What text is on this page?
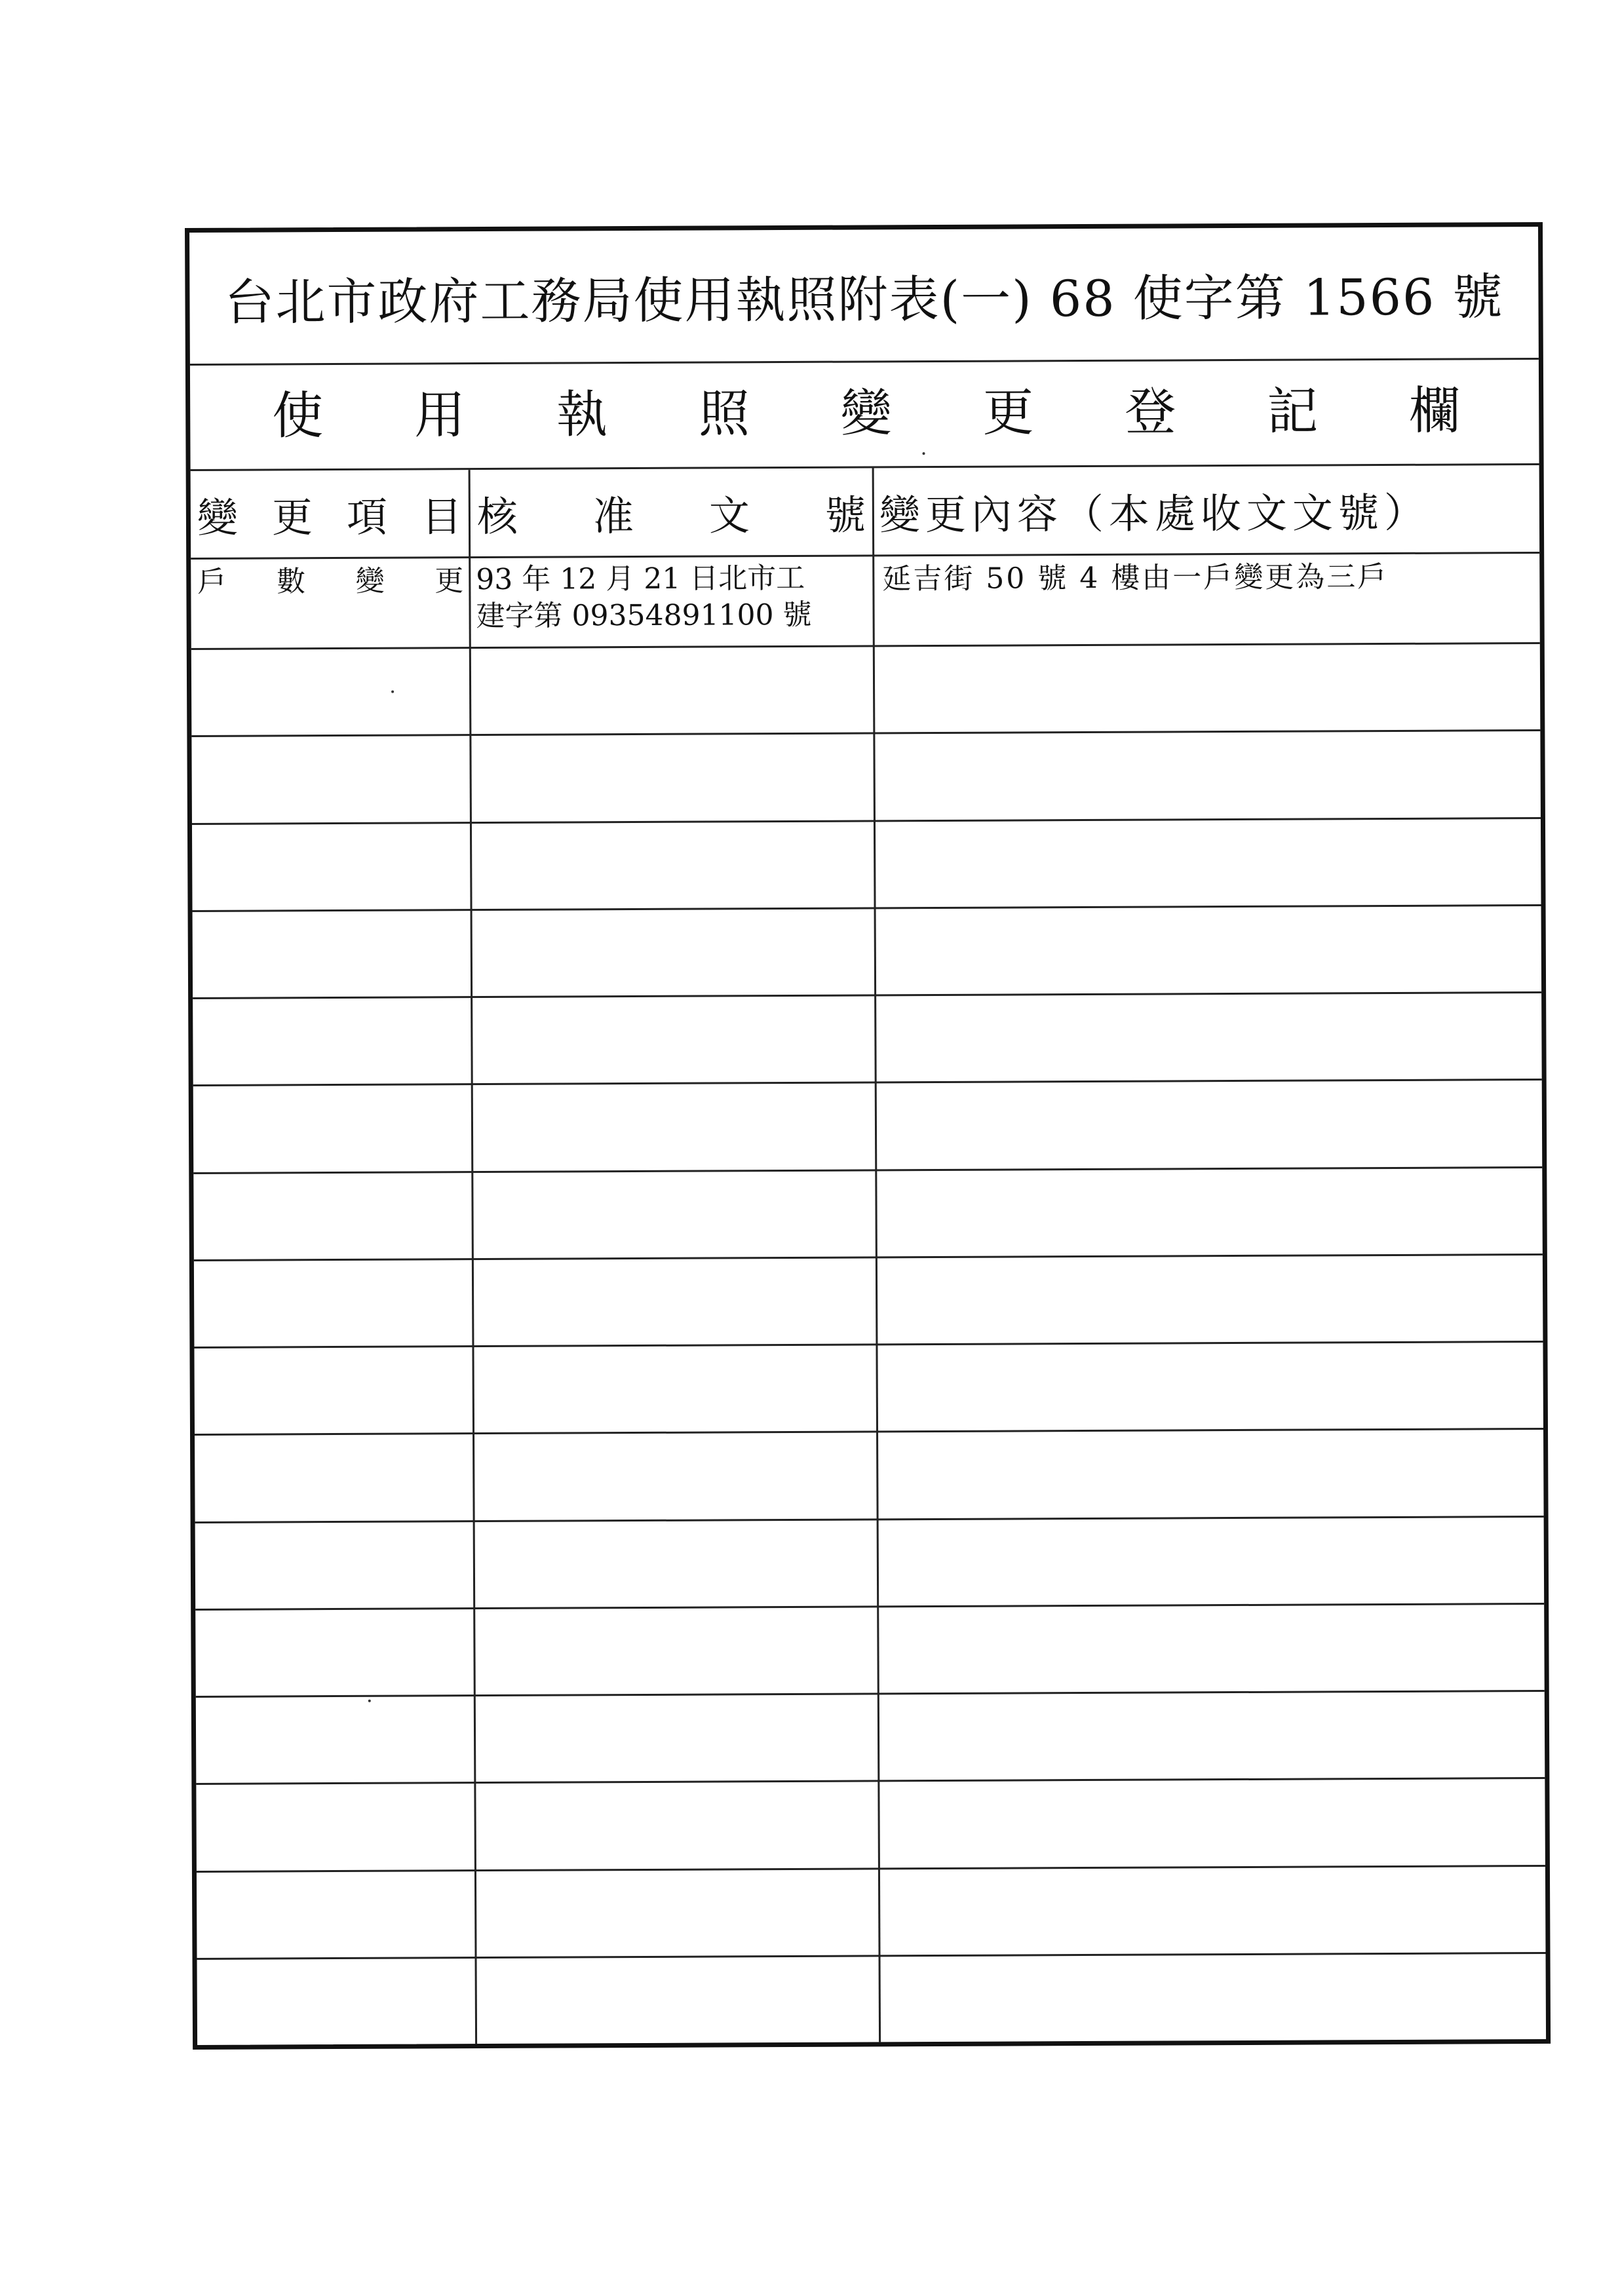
台北市政府工務局使用執照附表(一) 68 使字第 1566 號
使 用 執 照 變 更 登 記 欄
變 更 項 目 核 准 文 號 變更內容（本處收文文號）
戶 數 變 更 93 年 12 月 21 日北市工
建字第 09354891100 號
延吉街 50 號 4 樓由一戶變更為三戶
